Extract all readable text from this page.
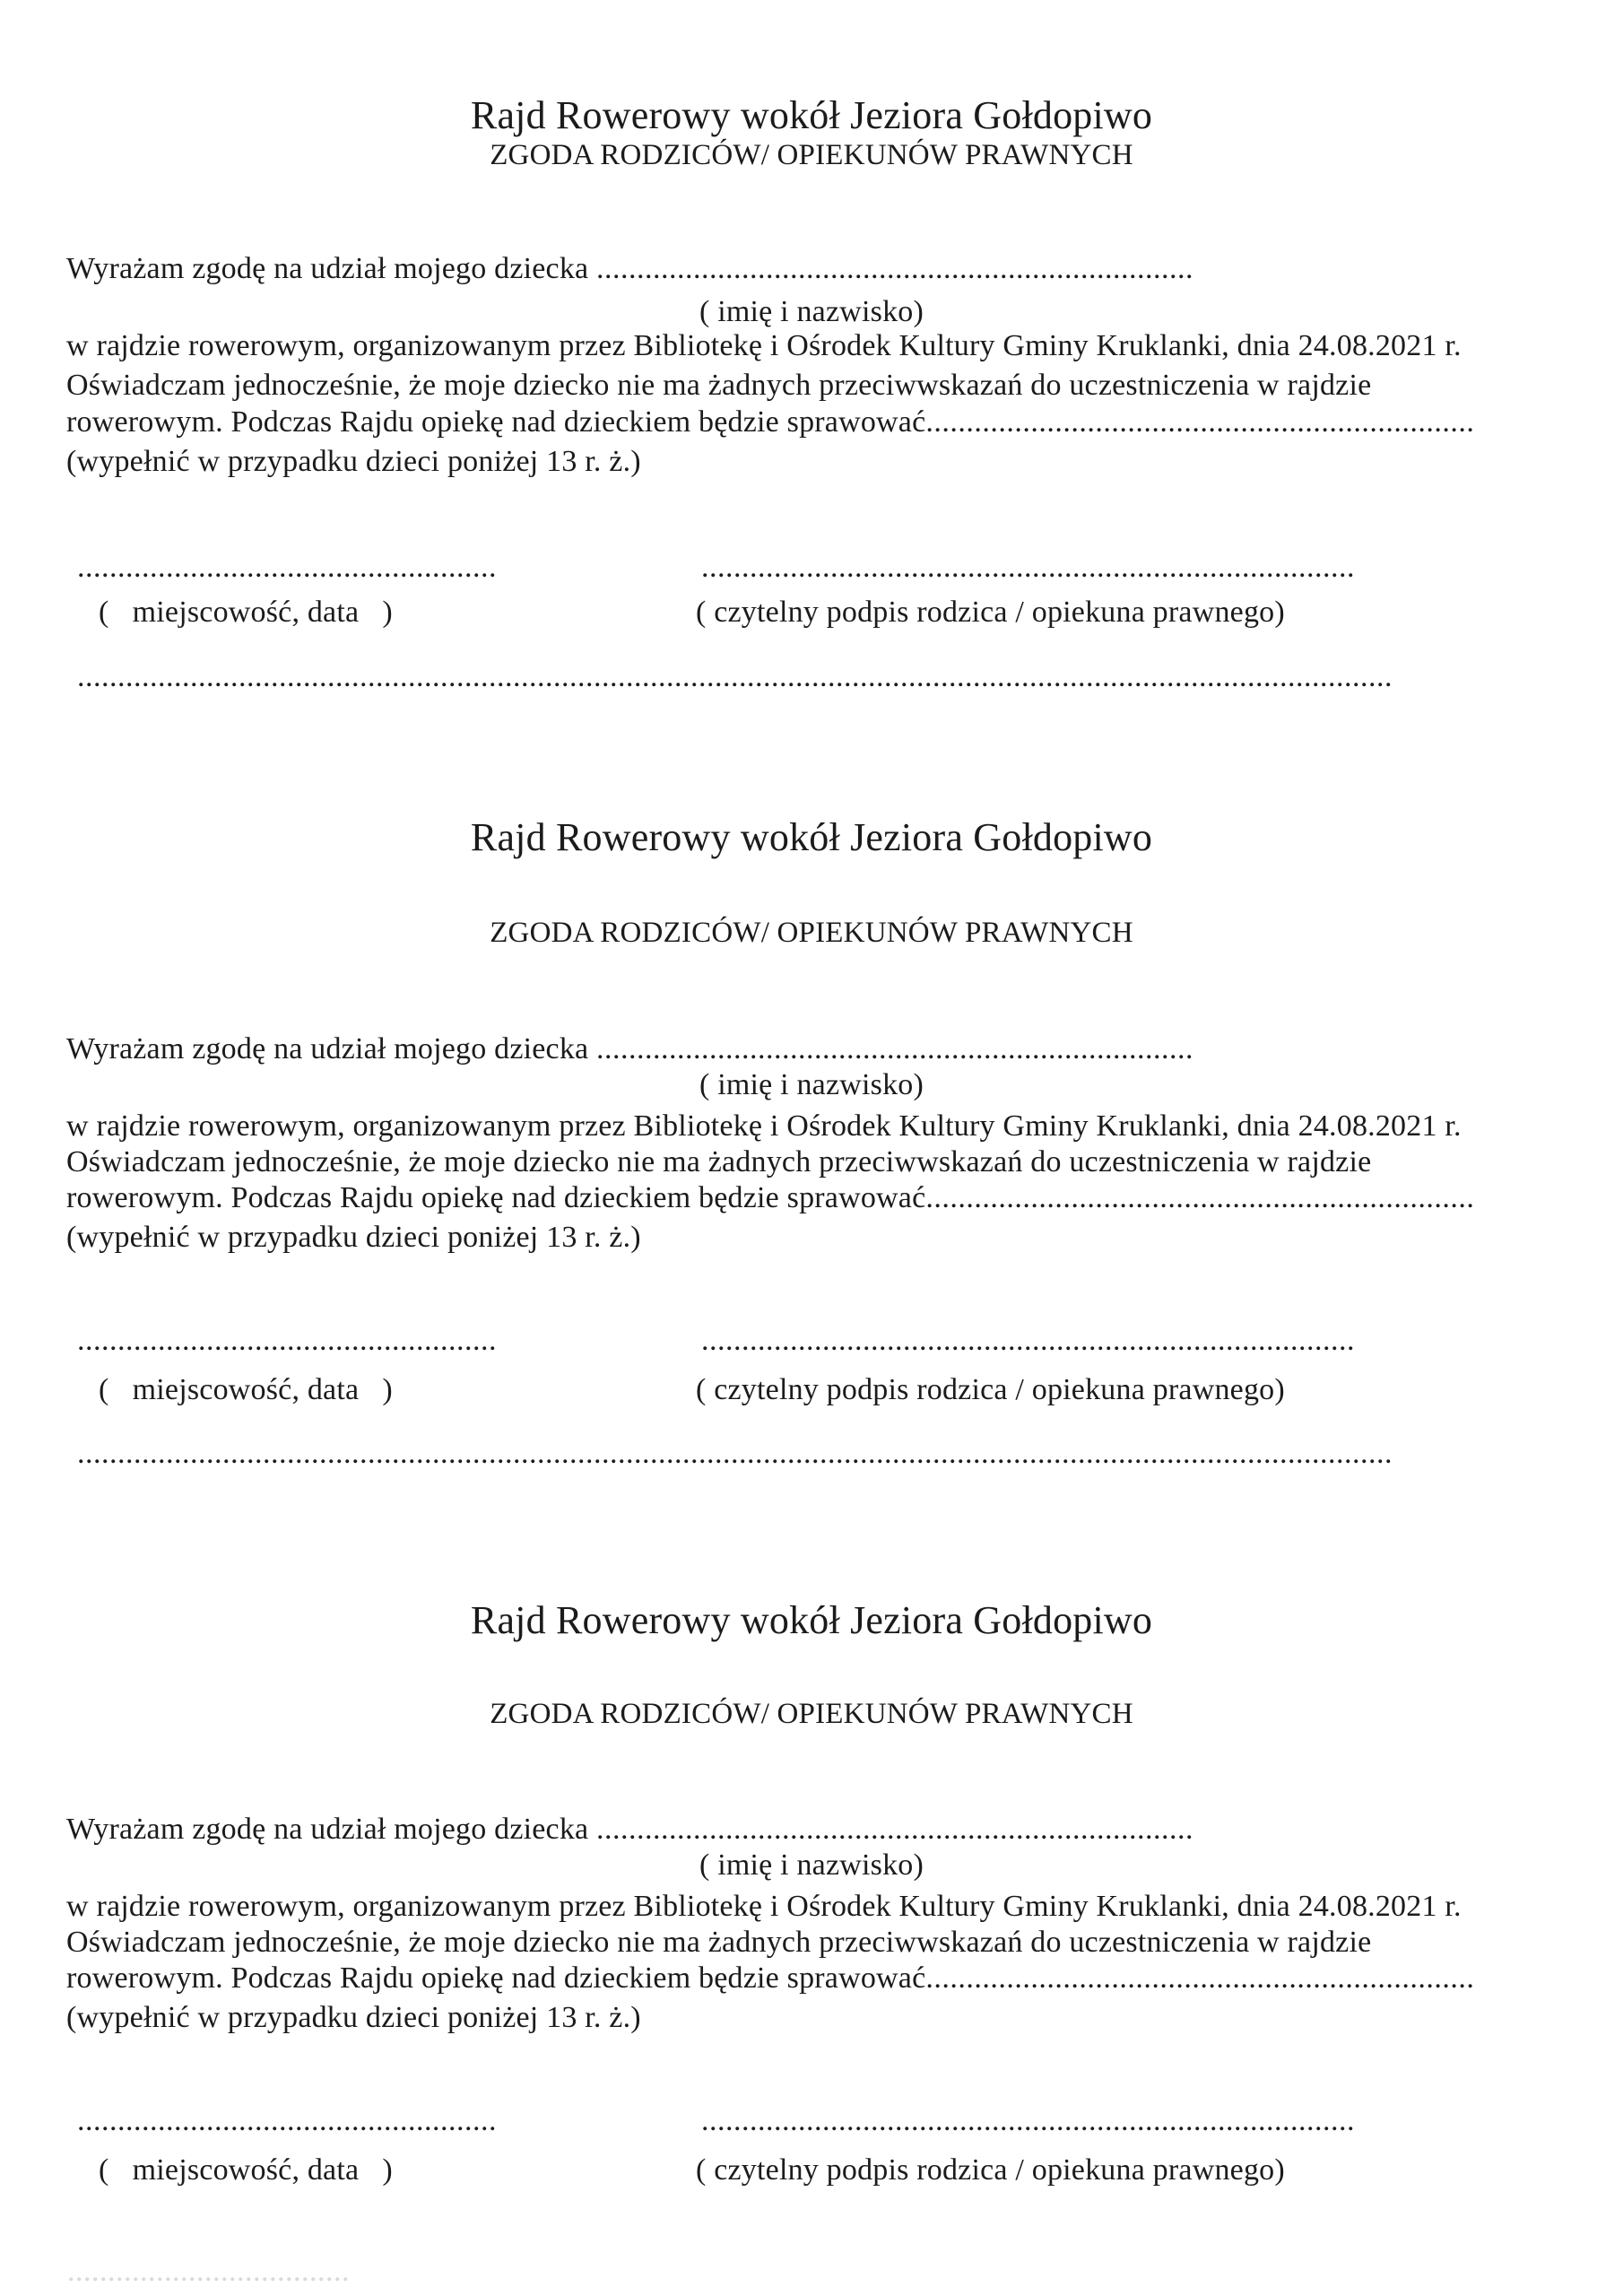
Rajd Rowerowy wokół Jeziora Gołdopiwo
ZGODA RODZICÓW/ OPIEKUNÓW PRAWNYCH
Wyrażam zgodę na udział mojego dziecka ..........................................................................
( imię i nazwisko)
w rajdzie rowerowym, organizowanym przez Bibliotekę i Ośrodek Kultury Gminy Kruklanki, dnia 24.08.2021 r.
Oświadczam jednocześnie, że moje dziecko nie ma żadnych przeciwwskazań do uczestniczenia w rajdzie
rowerowym. Podczas Rajdu opiekę nad dzieckiem będzie sprawować....................................................................
(wypełnić w przypadku dzieci poniżej 13 r. ż.)
....................................................	.................................................................................
(   miejscowość, data   )	( czytelny podpis rodzica / opiekuna prawnego)
...................................................................................................................................................................
Rajd Rowerowy wokół Jeziora Gołdopiwo
ZGODA RODZICÓW/ OPIEKUNÓW PRAWNYCH
Wyrażam zgodę na udział mojego dziecka ..........................................................................
( imię i nazwisko)
w rajdzie rowerowym, organizowanym przez Bibliotekę i Ośrodek Kultury Gminy Kruklanki, dnia 24.08.2021 r.
Oświadczam jednocześnie, że moje dziecko nie ma żadnych przeciwwskazań do uczestniczenia w rajdzie
rowerowym. Podczas Rajdu opiekę nad dzieckiem będzie sprawować....................................................................
(wypełnić w przypadku dzieci poniżej 13 r. ż.)
....................................................	.................................................................................
(   miejscowość, data   )	( czytelny podpis rodzica / opiekuna prawnego)
...................................................................................................................................................................
Rajd Rowerowy wokół Jeziora Gołdopiwo
ZGODA RODZICÓW/ OPIEKUNÓW PRAWNYCH
Wyrażam zgodę na udział mojego dziecka ..........................................................................
( imię i nazwisko)
w rajdzie rowerowym, organizowanym przez Bibliotekę i Ośrodek Kultury Gminy Kruklanki, dnia 24.08.2021 r.
Oświadczam jednocześnie, że moje dziecko nie ma żadnych przeciwwskazań do uczestniczenia w rajdzie
rowerowym. Podczas Rajdu opiekę nad dzieckiem będzie sprawować....................................................................
(wypełnić w przypadku dzieci poniżej 13 r. ż.)
....................................................	.................................................................................
(   miejscowość, data   )	( czytelny podpis rodzica / opiekuna prawnego)
...................................
